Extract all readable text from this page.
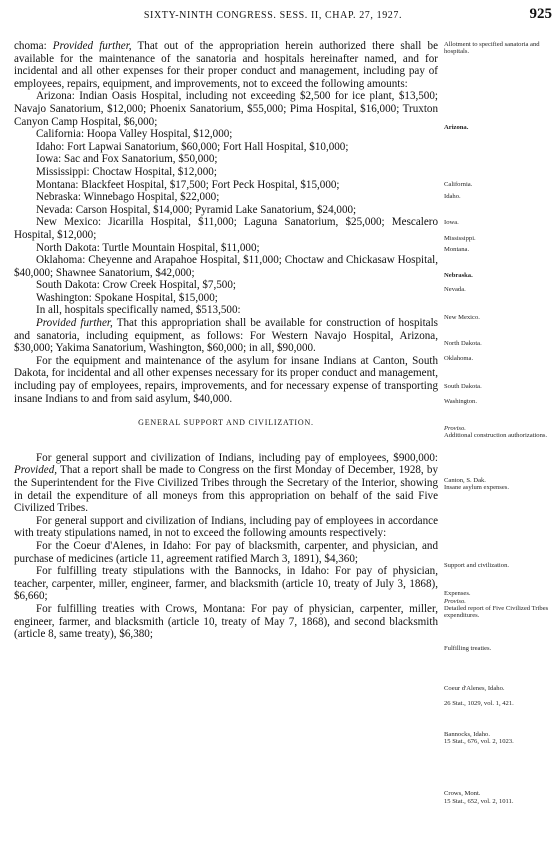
SIXTY-NINTH CONGRESS. SESS. II, CHAP. 27, 1927.	925

choma: Provided further, That out of the appropriation herein authorized there shall be available for the maintenance of the sanatoria and hospitals hereinafter named, and for incidental and all other expenses for their proper conduct and management, including pay of employees, repairs, equipment, and improvements, not to exceed the following amounts:

Arizona: Indian Oasis Hospital, including not exceeding $2,500 for ice plant, $13,500; Navajo Sanatorium, $12,000; Phoenix Sanatorium, $55,000; Pima Hospital, $16,000; Truxton Canyon Camp Hospital, $6,000;

California: Hoopa Valley Hospital, $12,000;

Idaho: Fort Lapwai Sanatorium, $60,000; Fort Hall Hospital, $10,000;

Iowa: Sac and Fox Sanatorium, $50,000;

Mississippi: Choctaw Hospital, $12,000;

Montana: Blackfeet Hospital, $17,500; Fort Peck Hospital, $15,000;

Nebraska: Winnebago Hospital, $22,000;

Nevada: Carson Hospital, $14,000; Pyramid Lake Sanatorium, $24,000;

New Mexico: Jicarilla Hospital, $11,000; Laguna Sanatorium, $25,000; Mescalero Hospital, $12,000;

North Dakota: Turtle Mountain Hospital, $11,000;

Oklahoma: Cheyenne and Arapahoe Hospital, $11,000; Choctaw and Chickasaw Hospital, $40,000; Shawnee Sanatorium, $42,000;

South Dakota: Crow Creek Hospital, $7,500;

Washington: Spokane Hospital, $15,000;

In all, hospitals specifically named, $513,500:

Provided further, That this appropriation shall be available for construction of hospitals and sanatoria, including equipment, as follows: For Western Navajo Hospital, Arizona, $30,000; Yakima Sanatorium, Washington, $60,000; in all, $90,000.

For the equipment and maintenance of the asylum for insane Indians at Canton, South Dakota, for incidental and all other expenses necessary for its proper conduct and management, including pay of employees, repairs, improvements, and for necessary expense of transporting insane Indians to and from said asylum, $40,000.

GENERAL SUPPORT AND CIVILIZATION.

For general support and civilization of Indians, including pay of employees, $900,000: Provided, That a report shall be made to Congress on the first Monday of December, 1928, by the Superintendent for the Five Civilized Tribes through the Secretary of the Interior, showing in detail the expenditure of all moneys from this appropriation on behalf of the said Five Civilized Tribes.

For general support and civilization of Indians, including pay of employees in accordance with treaty stipulations named, in not to exceed the following amounts respectively:

For the Coeur d'Alenes, in Idaho: For pay of blacksmith, carpenter, and physician, and purchase of medicines (article 11, agreement ratified March 3, 1891), $4,360;

For fulfilling treaty stipulations with the Bannocks, in Idaho: For pay of physician, teacher, carpenter, miller, engineer, farmer, and blacksmith (article 10, treaty of July 3, 1868), $6,660;

For fulfilling treaties with Crows, Montana: For pay of physician, carpenter, miller, engineer, farmer, and blacksmith (article 10, treaty of May 7, 1868), and second blacksmith (article 8, same treaty), $6,380;

Allotment to specified sanatoria and hospitals.
Arizona.
California.
Idaho.
Iowa.
Mississippi.
Montana.
Nebraska.
Nevada.
New Mexico.
North Dakota.
Oklahoma.
South Dakota.
Washington.
Proviso.
Additional construction authorizations.
Canton, S. Dak.
Insane asylum expenses.
Support and civilization.
Expenses.
Proviso.
Detailed report of Five Civilized Tribes expenditures.
Fulfilling treaties.
Coeur d'Alenes, Idaho.
26 Stat., 1029, vol. 1, 421.
Bannocks, Idaho.
15 Stat., 676, vol. 2, 1023.
Crows, Mont.
15 Stat., 652, vol. 2, 1011.
